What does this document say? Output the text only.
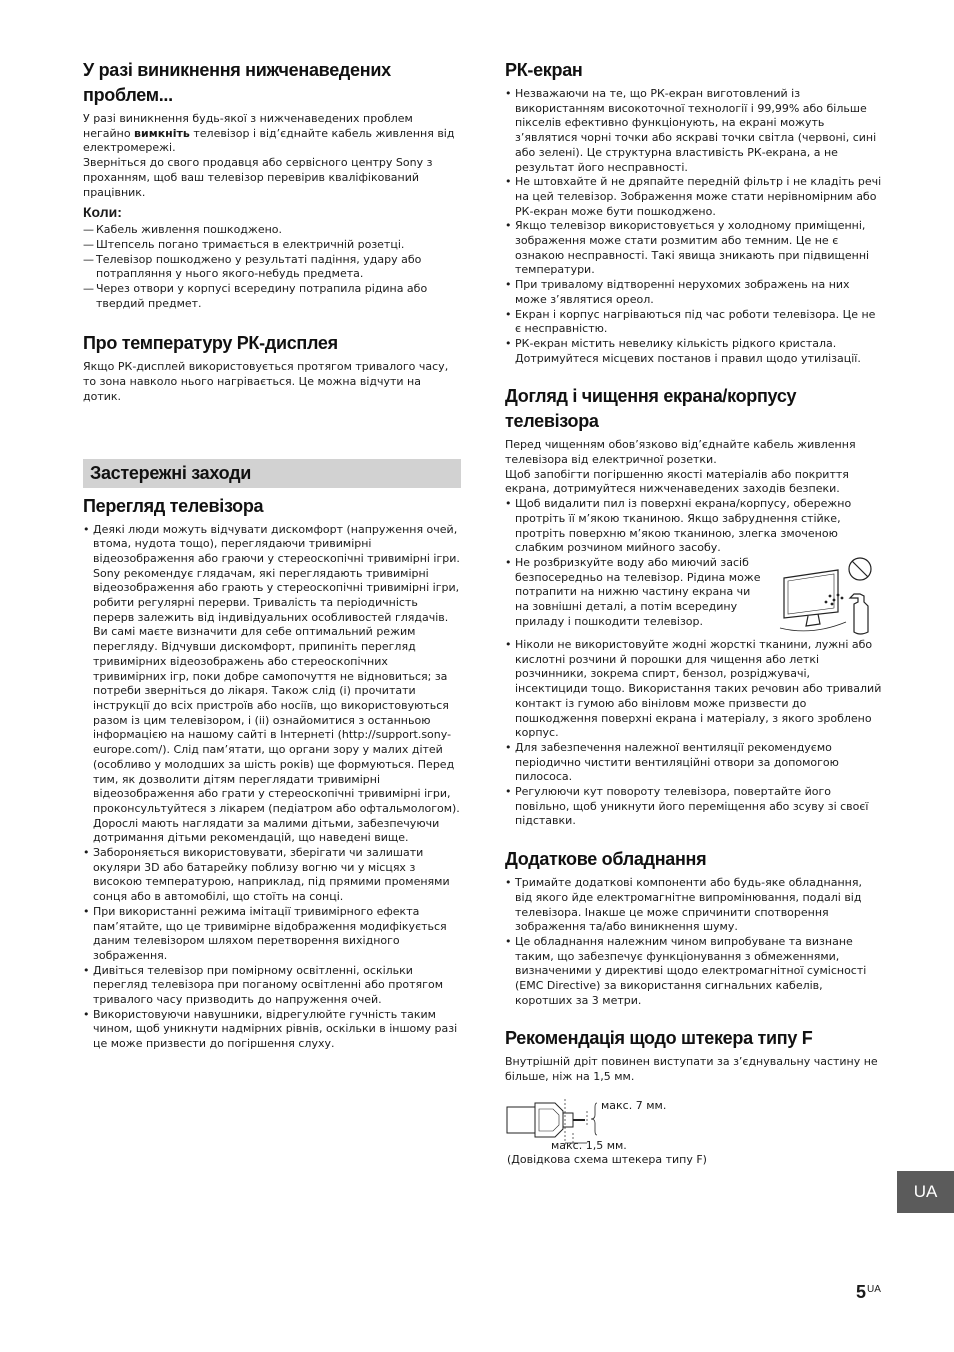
У разі виникнення нижченаведених проблем...

У разі виникнення будь-якої з нижченаведених проблем негайно вимкніть телевізор і від’єднайте кабель живлення від електромережі.

Зверніться до свого продавця або сервісного центру Sony з проханням, щоб ваш телевізор перевірив кваліфікований працівник.

Коли:
— Кабель живлення пошкоджено.
— Штепсель погано тримається в електричній розетці.
— Телевізор пошкоджено у результаті падіння, удару або потрапляння у нього якого-небудь предмета.
— Через отвори у корпусі всередину потрапила рідина або твердий предмет.
Про температуру РК-дисплея

Якщо РК-дисплей використовується протягом тривалого часу, то зона навколо нього нагрівається. Це можна відчути на дотик.

Застережні заходи
Перегляд телевізора
• Деякі люди можуть відчувати дискомфорт (напруження очей, втома, нудота тощо), переглядаючи тривимірні відеозображення або граючи у стереоскопічні тривимірні ігри. Sony рекомендує глядачам, які переглядають тривимірні відеозображення або грають у стереоскопічні тривимірні ігри, робити регулярні перерви. Тривалість та періодичність перерв залежить від індивідуальних особливостей глядачів. Ви самі маєте визначити для себе оптимальний режим перегляду. Відчувши дискомфорт, припиніть перегляд тривимірних відеозображень або стереоскопічних тривимірних ігр, поки добре самопочуття не відновиться; за потреби зверніться до лікаря. Також слід (i) прочитати інструкції до всіх пристроїв або носіїв, що використовуються разом із цим телевізором, і (ii) ознайомитися з останньою інформацією на нашому сайті в Інтернеті (http://support.sony-europe.com/). Слід пам’ятати, що органи зору у малих дітей (особливо у молодших за шість років) ще формуються. Перед тим, як дозволити дітям переглядати тривимірні відеозображення або грати у стереоскопічні тривимірні ігри, проконсультуйтеся з лікарем (педіатром або офтальмологом). Дорослі мають наглядати за малими дітьми, забезпечуючи дотримання дітьми рекомендацій, що наведені вище.
• Забороняється використовувати, зберігати чи залишати окуляри 3D або батарейку поблизу вогню чи у місцях з високою температурою, наприклад, під прямими променями сонця або в автомобілі, що стоїть на сонці.
• При використанні режима імітації тривимірного ефекта пам’ятайте, що це тривимірне відображення модифікується даним телевізором шляхом перетворення вихідного зображення.
• Дивіться телевізор при помірному освітленні, оскільки перегляд телевізора при поганому освітленні або протягом тривалого часу призводить до напруження очей.
• Використовуючи навушники, відрегулюйте гучність таким чином, щоб уникнути надмірних рівнів, оскільки в іншому разі це може призвести до погіршення слуху.
РК-екран
• Незважаючи на те, що РК-екран виготовлений із використанням високоточної технології і 99,99% або більше пікселів ефективно функціонують, на екрані можуть з’являтися чорні точки або яскраві точки світла (червоні, сині або зелені). Це структурна властивість РК-екрана, а не результат його несправності.
• Не штовхайте й не дряпайте передній фільтр і не кладіть речі на цей телевізор. Зображення може стати нерівномірним або РК-екран може бути пошкоджено.
• Якщо телевізор використовується у холодному приміщенні, зображення може стати розмитим або темним. Це не є ознакою несправності. Такі явища зникають при підвищенні температури.
• При тривалому відтворенні нерухомих зображень на них може з’являтися ореол.
• Екран і корпус нагріваються під час роботи телевізора. Це не є несправністю.
• РК-екран містить невелику кількість рідкого кристала. Дотримуйтеся місцевих постанов і правил щодо утилізації.
Догляд і чищення екрана/корпусу телевізора

Перед чищенням обов’язково від’єднайте кабель живлення телевізора від електричної розетки.

Щоб запобігти погіршенню якості матеріалів або покриття екрана, дотримуйтеся нижченаведених заходів безпеки.

• Щоб видалити пил із поверхні екрана/корпусу, обережно протріть її м’якою тканиною. Якщо забруднення стійке, протріть поверхню м’якою тканиною, злегка змоченою слабким розчином мийного засобу.
• Не розбризкуйте воду або миючий засіб безпосередньо на телевізор. Рідина може потрапити на нижню частину екрана чи на зовнішні деталі, а потім всередину приладу і пошкодити телевізор.
• Ніколи не використовуйте жодні жорсткі тканини, лужні або кислотні розчини й порошки для чищення або леткі розчинники, зокрема спирт, бензол, розріджувачі, інсектициди тощо. Використання таких речовин або тривалий контакт із гумою або вініловм може призвести до пошкодження поверхні екрана і матеріалу, з якого зроблено корпус.
• Для забезпечення належної вентиляції рекомендуємо періодично чистити вентиляційні отвори за допомогою пилососа.
• Регулюючи кут повороту телевізора, повертайте його повільно, щоб уникнути його переміщення або зсуву зі своєї підставки.
Додаткове обладнання
• Тримайте додаткові компоненти або будь-яке обладнання, від якого йде електромагнітне випромінювання, подалі від телевізора. Інакше це може спричинити спотворення зображення та/або виникнення шуму.
• Це обладнання належним чином випробуване та визнане таким, що забезпечує функціонування з обмеженнями, визначеними у директиві щодо електромагнітної сумісності (EMC Directive) за використання сигнальних кабелів, коротших за 3 метри.
Рекомендація щодо штекера типу F

Внутрішній дріт повинен виступати за з’єднувальну частину не більше, ніж на 1,5 мм.

макс. 7 мм.
макс. 1,5 мм.
(Довідкова схема штекера типу F)
UA
$5^{UA}$
